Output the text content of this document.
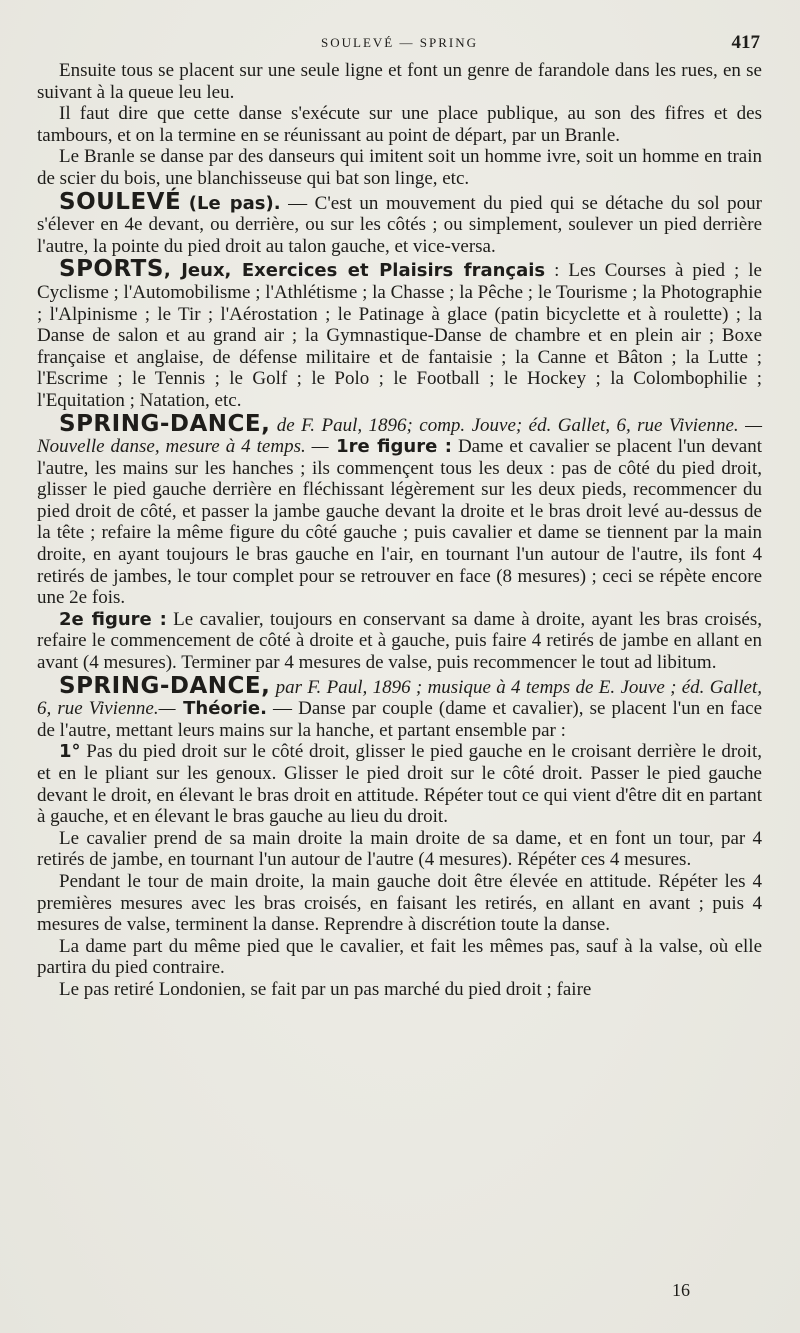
SOULEVÉ — SPRING	417

Ensuite tous se placent sur une seule ligne et font un genre de farandole dans les rues, en se suivant à la queue leu leu.

Il faut dire que cette danse s'exécute sur une place publique, au son des fifres et des tambours, et on la termine en se réunissant au point de départ, par un Branle.

Le Branle se danse par des danseurs qui imitent soit un homme ivre, soit un homme en train de scier du bois, une blanchisseuse qui bat son linge, etc.

SOULEVÉ (Le pas). — C'est un mouvement du pied qui se détache du sol pour s'élever en 4e devant, ou derrière, ou sur les côtés ; ou simplement, soulever un pied derrière l'autre, la pointe du pied droit au talon gauche, et vice-versa.

SPORTS, Jeux, Exercices et Plaisirs français : Les Courses à pied ; le Cyclisme ; l'Automobilisme ; l'Athlétisme ; la Chasse ; la Pêche ; le Tourisme ; la Photographie ; l'Alpinisme ; le Tir ; l'Aérostation ; le Patinage à glace (patin bicyclette et à roulette) ; la Danse de salon et au grand air ; la Gymnastique-Danse de chambre et en plein air ; Boxe française et anglaise, de défense militaire et de fantaisie ; la Canne et Bâton ; la Lutte ; l'Escrime ; le Tennis ; le Golf ; le Polo ; le Football ; le Hockey ; la Colombophilie ; l'Equitation ; Natation, etc.

SPRING-DANCE, de F. Paul, 1896; comp. Jouve; éd. Gallet, 6, rue Vivienne. — Nouvelle danse, mesure à 4 temps. — 1re figure : Dame et cavalier se placent l'un devant l'autre, les mains sur les hanches ; ils commençent tous les deux : pas de côté du pied droit, glisser le pied gauche derrière en fléchissant légèrement sur les deux pieds, recommencer du pied droit de côté, et passer la jambe gauche devant la droite et le bras droit levé au-dessus de la tête ; refaire la même figure du côté gauche ; puis cavalier et dame se tiennent par la main droite, en ayant toujours le bras gauche en l'air, en tournant l'un autour de l'autre, ils font 4 retirés de jambes, le tour complet pour se retrouver en face (8 mesures) ; ceci se répète encore une 2e fois.

2e figure : Le cavalier, toujours en conservant sa dame à droite, ayant les bras croisés, refaire le commencement de côté à droite et à gauche, puis faire 4 retirés de jambe en allant en avant (4 mesures). Terminer par 4 mesures de valse, puis recommencer le tout ad libitum.

SPRING-DANCE, par F. Paul, 1896 ; musique à 4 temps de E. Jouve ; éd. Gallet, 6, rue Vivienne.— Théorie. — Danse par couple (dame et cavalier), se placent l'un en face de l'autre, mettant leurs mains sur la hanche, et partant ensemble par :

1° Pas du pied droit sur le côté droit, glisser le pied gauche en le croisant derrière le droit, et en le pliant sur les genoux. Glisser le pied droit sur le côté droit. Passer le pied gauche devant le droit, en élevant le bras droit en attitude. Répéter tout ce qui vient d'être dit en partant à gauche, et en élevant le bras gauche au lieu du droit.

Le cavalier prend de sa main droite la main droite de sa dame, et en font un tour, par 4 retirés de jambe, en tournant l'un autour de l'autre (4 mesures). Répéter ces 4 mesures.

Pendant le tour de main droite, la main gauche doit être élevée en attitude. Répéter les 4 premières mesures avec les bras croisés, en faisant les retirés, en allant en avant ; puis 4 mesures de valse, terminent la danse. Reprendre à discrétion toute la danse.

La dame part du même pied que le cavalier, et fait les mêmes pas, sauf à la valse, où elle partira du pied contraire.

Le pas retiré Londonien, se fait par un pas marché du pied droit ; faire

16
